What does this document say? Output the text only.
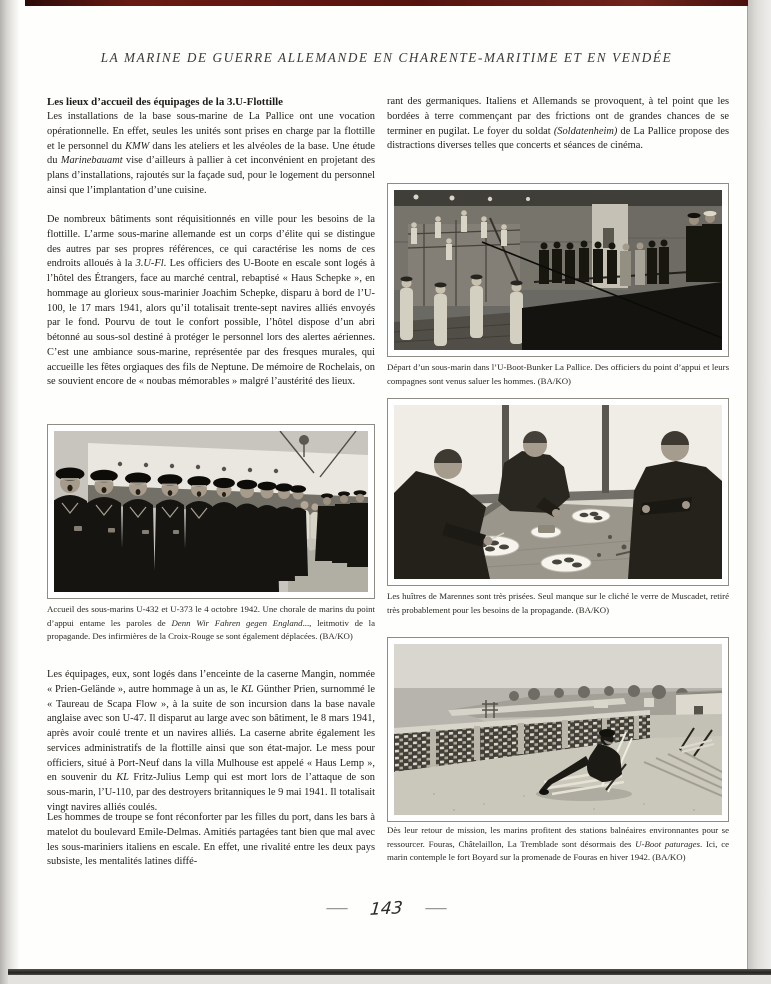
LA MARINE DE GUERRE ALLEMANDE EN CHARENTE-MARITIME ET EN VENDÉE
Les lieux d’accueil des équipages de la 3.U-Flottille

Les installations de la base sous-marine de La Pallice ont une vocation opérationnelle. En effet, seules les unités sont prises en charge par la flottille et le personnel du KMW dans les ateliers et les alvéoles de la base. Une étude du Marinebauamt vise d’ailleurs à pallier à cet inconvénient en projetant des plans d’installations, rajoutés sur la façade sud, pour le logement du personnel ainsi que l’implantation d’une cuisine.

De nombreux bâtiments sont réquisitionnés en ville pour les besoins de la flottille. L’arme sous-marine allemande est un corps d’élite qui se distingue des autres par ses propres références, ce qui caractérise les noms de ces endroits alloués à la 3.U-Fl. Les officiers des U-Boote en escale sont logés à l’hôtel des Étrangers, face au marché central, rebaptisé « Haus Schepke », en hommage au glorieux sous-marinier Joachim Schepke, disparu à bord de l’U-100, le 17 mars 1941, alors qu’il totalisait trente-sept navires alliés envoyés par le fond. Pourvu de tout le confort possible, l’hôtel dispose d’un abri bétonné au sous-sol destiné à protéger le personnel lors des alertes aériennes. C’est une ambiance sous-marine, représentée par des fresques murales, qui accueille les fêtes orgiaques des fils de Neptune. De mémoire de Rochelais, on se souvient encore de « noubas mémorables » malgré l’austérité des lieux.

Accueil des sous-marins U-432 et U-373 le 4 octobre 1942. Une chorale de marins du point d’appui entame les paroles de Denn Wir Fahren gegen England..., leitmotiv de la propagande. Des infirmières de la Croix-Rouge se sont également déplacées. (BA/KO)

Les équipages, eux, sont logés dans l’enceinte de la caserne Mangin, nommée « Prien-Gelände », autre hommage à un as, le KL Günther Prien, surnommé le « Taureau de Scapa Flow », à la suite de son incursion dans la base navale anglaise avec son U-47. Il disparut au large avec son bâtiment, le 8 mars 1941, après avoir coulé trente et un navires alliés. La caserne abrite également les services administratifs de la flottille ainsi que son état-major. Le mess pour officiers, situé à Port-Neuf dans la villa Mulhouse est appelé « Haus Lemp », en souvenir du KL Fritz-Julius Lemp qui est mort lors de l’attaque de son sous-marin, l’U-110, par des destroyers britanniques le 9 mai 1941. Il totalisait vingt navires alliés coulés.

Les hommes de troupe se font réconforter par les filles du port, dans les bars à matelot du boulevard Emile-Delmas. Amitiés partagées tant bien que mal avec les sous-mariniers italiens en escale. En effet, une rivalité entre les deux pays subsiste, les mentalités latines diffé-

rant des germaniques. Italiens et Allemands se provoquent, à tel point que les bordées à terre commençant par des frictions ont de grandes chances de se terminer en pugilat. Le foyer du soldat (Soldatenheim) de La Pallice propose des distractions diverses telles que concerts et séances de cinéma.

Départ d’un sous-marin dans l’U-Boot-Bunker La Pallice. Des officiers du point d’appui et leurs compagnes sont venus saluer les hommes. (BA/KO)

Les huîtres de Marennes sont très prisées. Seul manque sur le cliché le verre de Muscadet, retiré très probablement pour les besoins de la propagande. (BA/KO)

Dès leur retour de mission, les marins profitent des stations balnéaires environnantes pour se ressourcer. Fouras, Châtelaillon, La Tremblade sont désormais des U-Boot paturages. Ici, ce marin contemple le fort Boyard sur la promenade de Fouras en hiver 1942. (BA/KO)

— 143 —
